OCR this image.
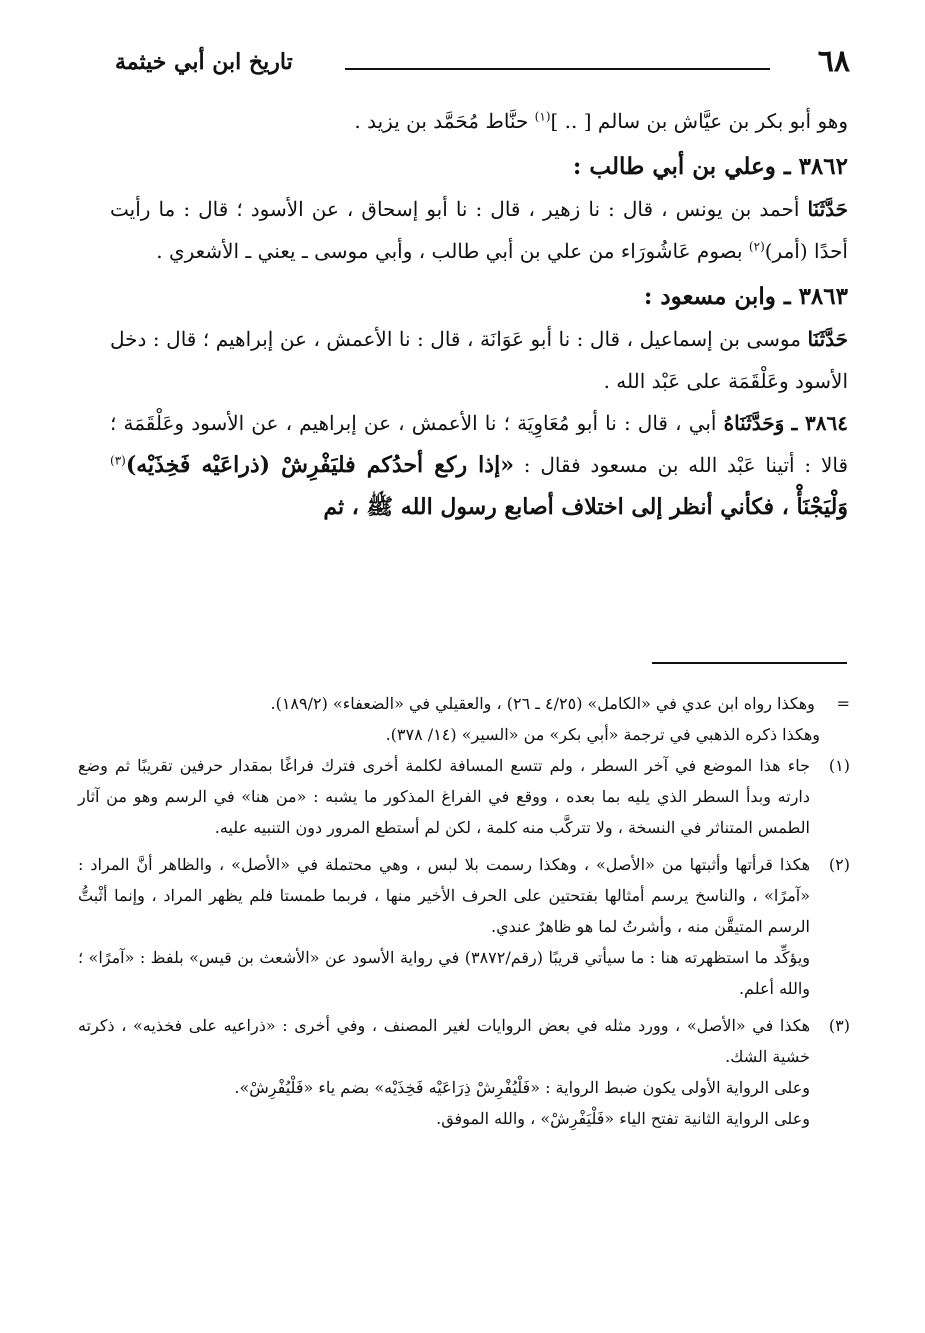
٦٨
تاريخ ابن أبي خيثمة

وهو أبو بكر بن عيَّاش بن سالم [ .. ]$^{(١)}$ حنَّاط مُحَمَّد بن يزيد .

٣٨٦٢ ـ وعلي بن أبي طالب :

حَدَّثَنَا أحمد بن يونس ، قال : نا زهير ، قال : نا أبو إسحاق ، عن الأسود ؛ قال : ما رأيت أحدًا (أمر)$^{(٢)}$ بصوم عَاشُورَاء من علي بن أبي طالب ، وأبي موسى ـ يعني ـ الأشعري .

٣٨٦٣ ـ وابن مسعود :

حَدَّثَنَا موسى بن إسماعيل ، قال : نا أبو عَوَانَة ، قال : نا الأعمش ، عن إبراهيم ؛ قال : دخل الأسود وعَلْقَمَة على عَبْد الله .

٣٨٦٤ ـ وَحَدَّثَنَاهُ أبي ، قال : نا أبو مُعَاوِيَة ؛ نا الأعمش ، عن إبراهيم ، عن الأسود وعَلْقَمَة ؛ قالا : أتينا عَبْد الله بن مسعود فقال : «إذا ركع أحدُكم فليَفْرِشْ (ذراعَيْه فَخِذَيْه)$^{(٣)}$ وَلْيَجْنَأْ ، فكأني أنظر إلى اختلاف أصابع رسول الله ﷺ ، ثم

= وهكذا رواه ابن عدي في «الكامل» (٤/٢٥ ـ ٢٦) ، والعقيلي في «الضعفاء» (١٨٩/٢).

وهكذا ذكره الذهبي في ترجمة «أبي بكر» من «السير» (١٤/ ٣٧٨).

(١)

جاء هذا الموضع في آخر السطر ، ولم تتسع المسافة لكلمة أخرى فترك فراغًا بمقدار حرفين تقريبًا ثم وضع دارته وبدأ السطر الذي يليه بما بعده ، ووقع في الفراغ المذكور ما يشبه : «من هنا» في الرسم وهو من آثار الطمس المتناثر في النسخة ، ولا تتركَّب منه كلمة ، لكن لم أستطع المرور دون التنبيه عليه.

(٢)

هكذا قرأتها وأثبتها من «الأصل» ، وهكذا رسمت بلا لبس ، وهي محتملة في «الأصل» ، والظاهر أنَّ المراد : «آمرًا» ، والناسخ يرسم أمثالها بفتحتين على الحرف الأخير منها ، فربما طمستا فلم يظهر المراد ، وإنما أثْبتُّ الرسم المتيقَّن منه ، وأشرتُ لما هو ظاهرٌ عندي.

ويؤكِّد ما استظهرته هنا : ما سيأتي قريبًا (رقم/٣٨٧٢) في رواية الأسود عن «الأشعث بن قيس» بلفظ : «آمرًا» ؛ والله أعلم.

(٣)

هكذا في «الأصل» ، وورد مثله في بعض الروايات لغير المصنف ، وفي أخرى : «ذراعيه على فخذيه» ، ذكرته خشية الشك.

وعلى الرواية الأولى يكون ضبط الرواية : «فَلْيُفْرِشْ ذِرَاعَيْه فَخِذَيْه» بضم ياء «فَلْيُفْرِشْ».

وعلى الرواية الثانية تفتح الياء «فَلْيَفْرِشْ» ، والله الموفق.
